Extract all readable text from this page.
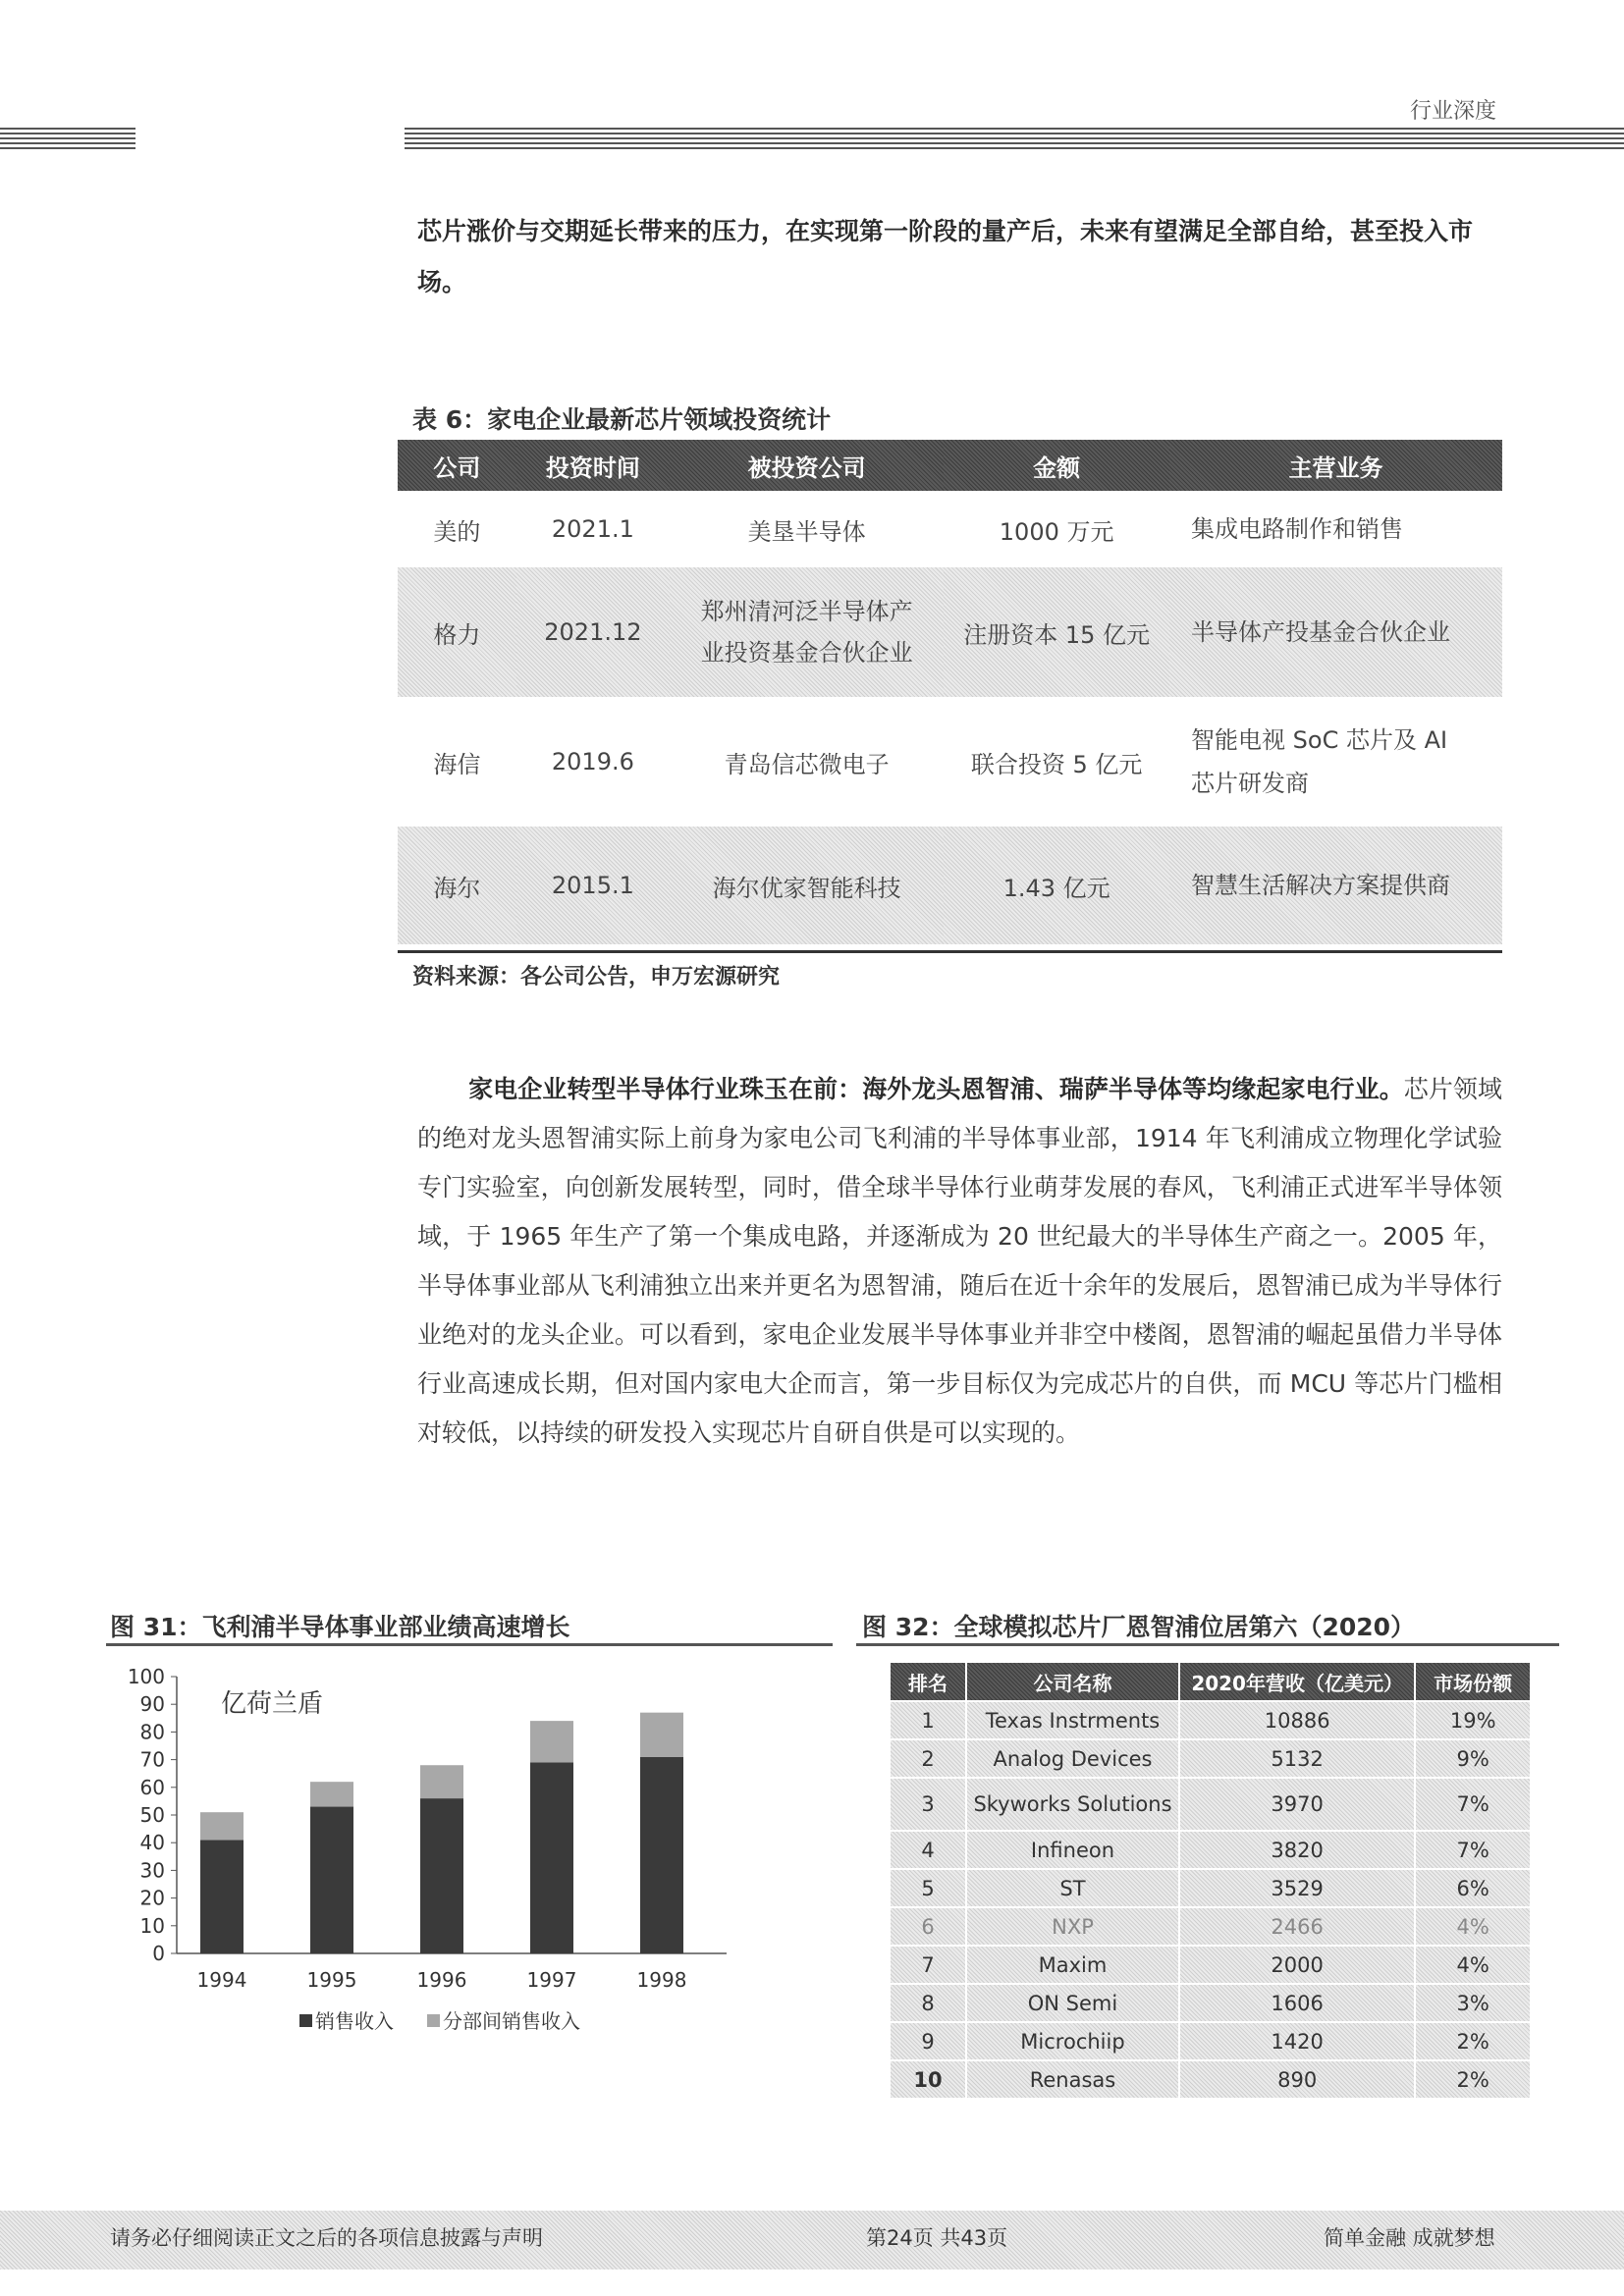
行业深度
芯片涨价与交期延长带来的压力，在实现第一阶段的量产后，未来有望满足全部自给，甚至投入市场。
表 6：家电企业最新芯片领域投资统计
公司	投资时间	被投资公司	金额	主营业务
美的	2021.1	美垦半导体	1000 万元	集成电路制作和销售
格力	2021.12	郑州清河泛半导体产业投资基金合伙企业	注册资本 15 亿元	半导体产投基金合伙企业
海信	2019.6	青岛信芯微电子	联合投资 5 亿元	智能电视 SoC 芯片及 AI 芯片研发商
海尔	2015.1	海尔优家智能科技	1.43 亿元	智慧生活解决方案提供商
资料来源：各公司公告，申万宏源研究
家电企业转型半导体行业珠玉在前：海外龙头恩智浦、瑞萨半导体等均缘起家电行业。芯片领域的绝对龙头恩智浦实际上前身为家电公司飞利浦的半导体事业部，1914 年飞利浦成立物理化学试验专门实验室，向创新发展转型，同时，借全球半导体行业萌芽发展的春风，飞利浦正式进军半导体领域，于 1965 年生产了第一个集成电路，并逐渐成为 20 世纪最大的半导体生产商之一。2005 年，半导体事业部从飞利浦独立出来并更名为恩智浦，随后在近十余年的发展后，恩智浦已成为半导体行业绝对的龙头企业。可以看到，家电企业发展半导体事业并非空中楼阁，恩智浦的崛起虽借力半导体行业高速成长期，但对国内家电大企而言，第一步目标仅为完成芯片的自供，而 MCU 等芯片门槛相对较低，以持续的研发投入实现芯片自研自供是可以实现的。
图 31：飞利浦半导体事业部业绩高速增长
0
10
20
30
40
50
60
70
80
90
100
亿荷兰盾
1994	1995	1996	1997	1998
销售收入	分部间销售收入
图 32：全球模拟芯片厂恩智浦位居第六（2020）
排名	公司名称	2020年营收（亿美元）	市场份额
1	Texas Instrments	10886	19%
2	Analog Devices	5132	9%
3	Skyworks Solutions	3970	7%
4	Infineon	3820	7%
5	ST	3529	6%
6	NXP	2466	4%
7	Maxim	2000	4%
8	ON Semi	1606	3%
9	Microchiip	1420	2%
10	Renasas	890	2%
请务必仔细阅读正文之后的各项信息披露与声明	第24页 共43页	简单金融 成就梦想
